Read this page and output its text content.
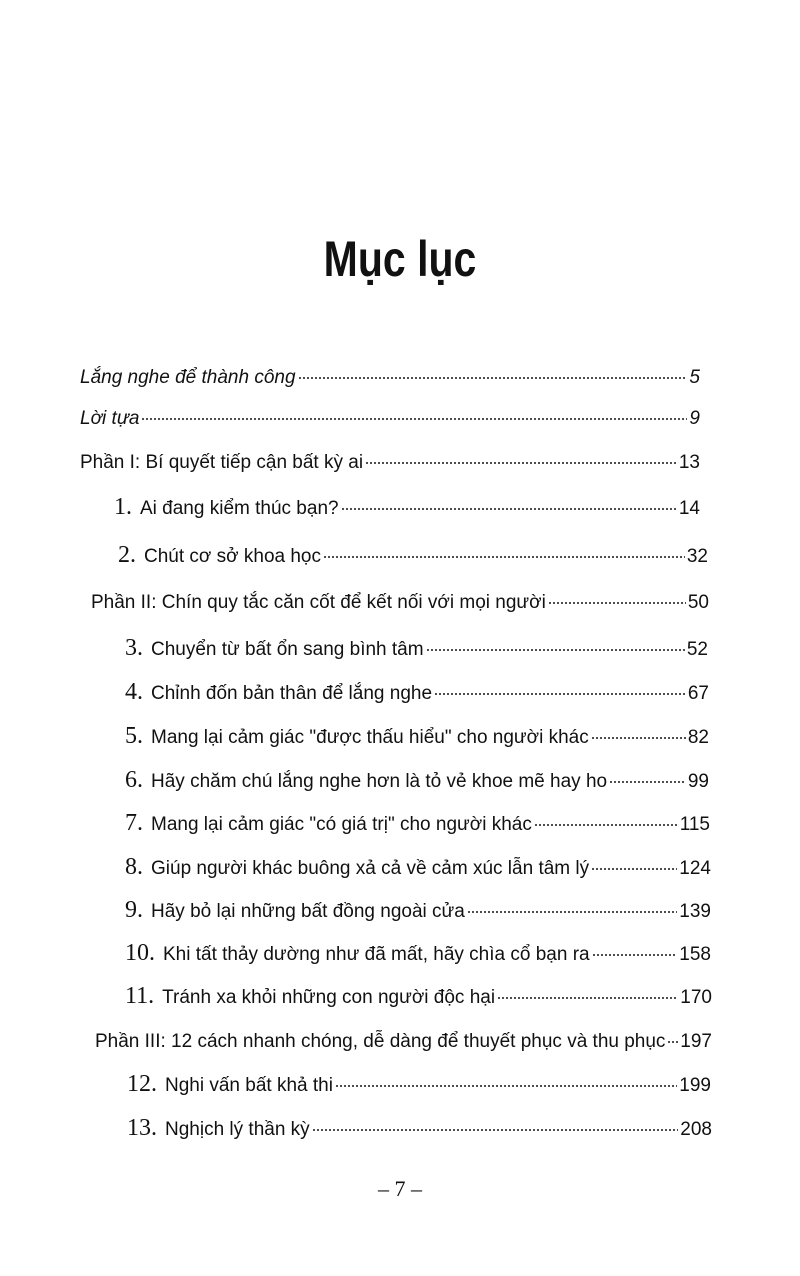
Mục lục
Lắng nghe để thành công	5
Lời tựa	9
Phần I: Bí quyết tiếp cận bất kỳ ai	13
1. Ai đang kiểm thúc bạn?	14
2. Chút cơ sở khoa học	32
Phần II: Chín quy tắc căn cốt để kết nối với mọi người	50
3. Chuyển từ bất ổn sang bình tâm	52
4. Chỉnh đốn bản thân để lắng nghe	67
5. Mang lại cảm giác "được thấu hiểu" cho người khác	82
6. Hãy chăm chú lắng nghe hơn là tỏ vẻ khoe mẽ hay ho	99
7. Mang lại cảm giác "có giá trị" cho người khác	115
8. Giúp người khác buông xả cả về cảm xúc lẫn tâm lý	124
9. Hãy bỏ lại những bất đồng ngoài cửa	139
10. Khi tất thảy dường như đã mất, hãy chìa cổ bạn ra	158
11. Tránh xa khỏi những con người độc hại	170
Phần III: 12 cách nhanh chóng, dễ dàng để thuyết phục và thu phục 197
12. Nghi vấn bất khả thi	199
13. Nghịch lý thần kỳ	208
– 7 –
